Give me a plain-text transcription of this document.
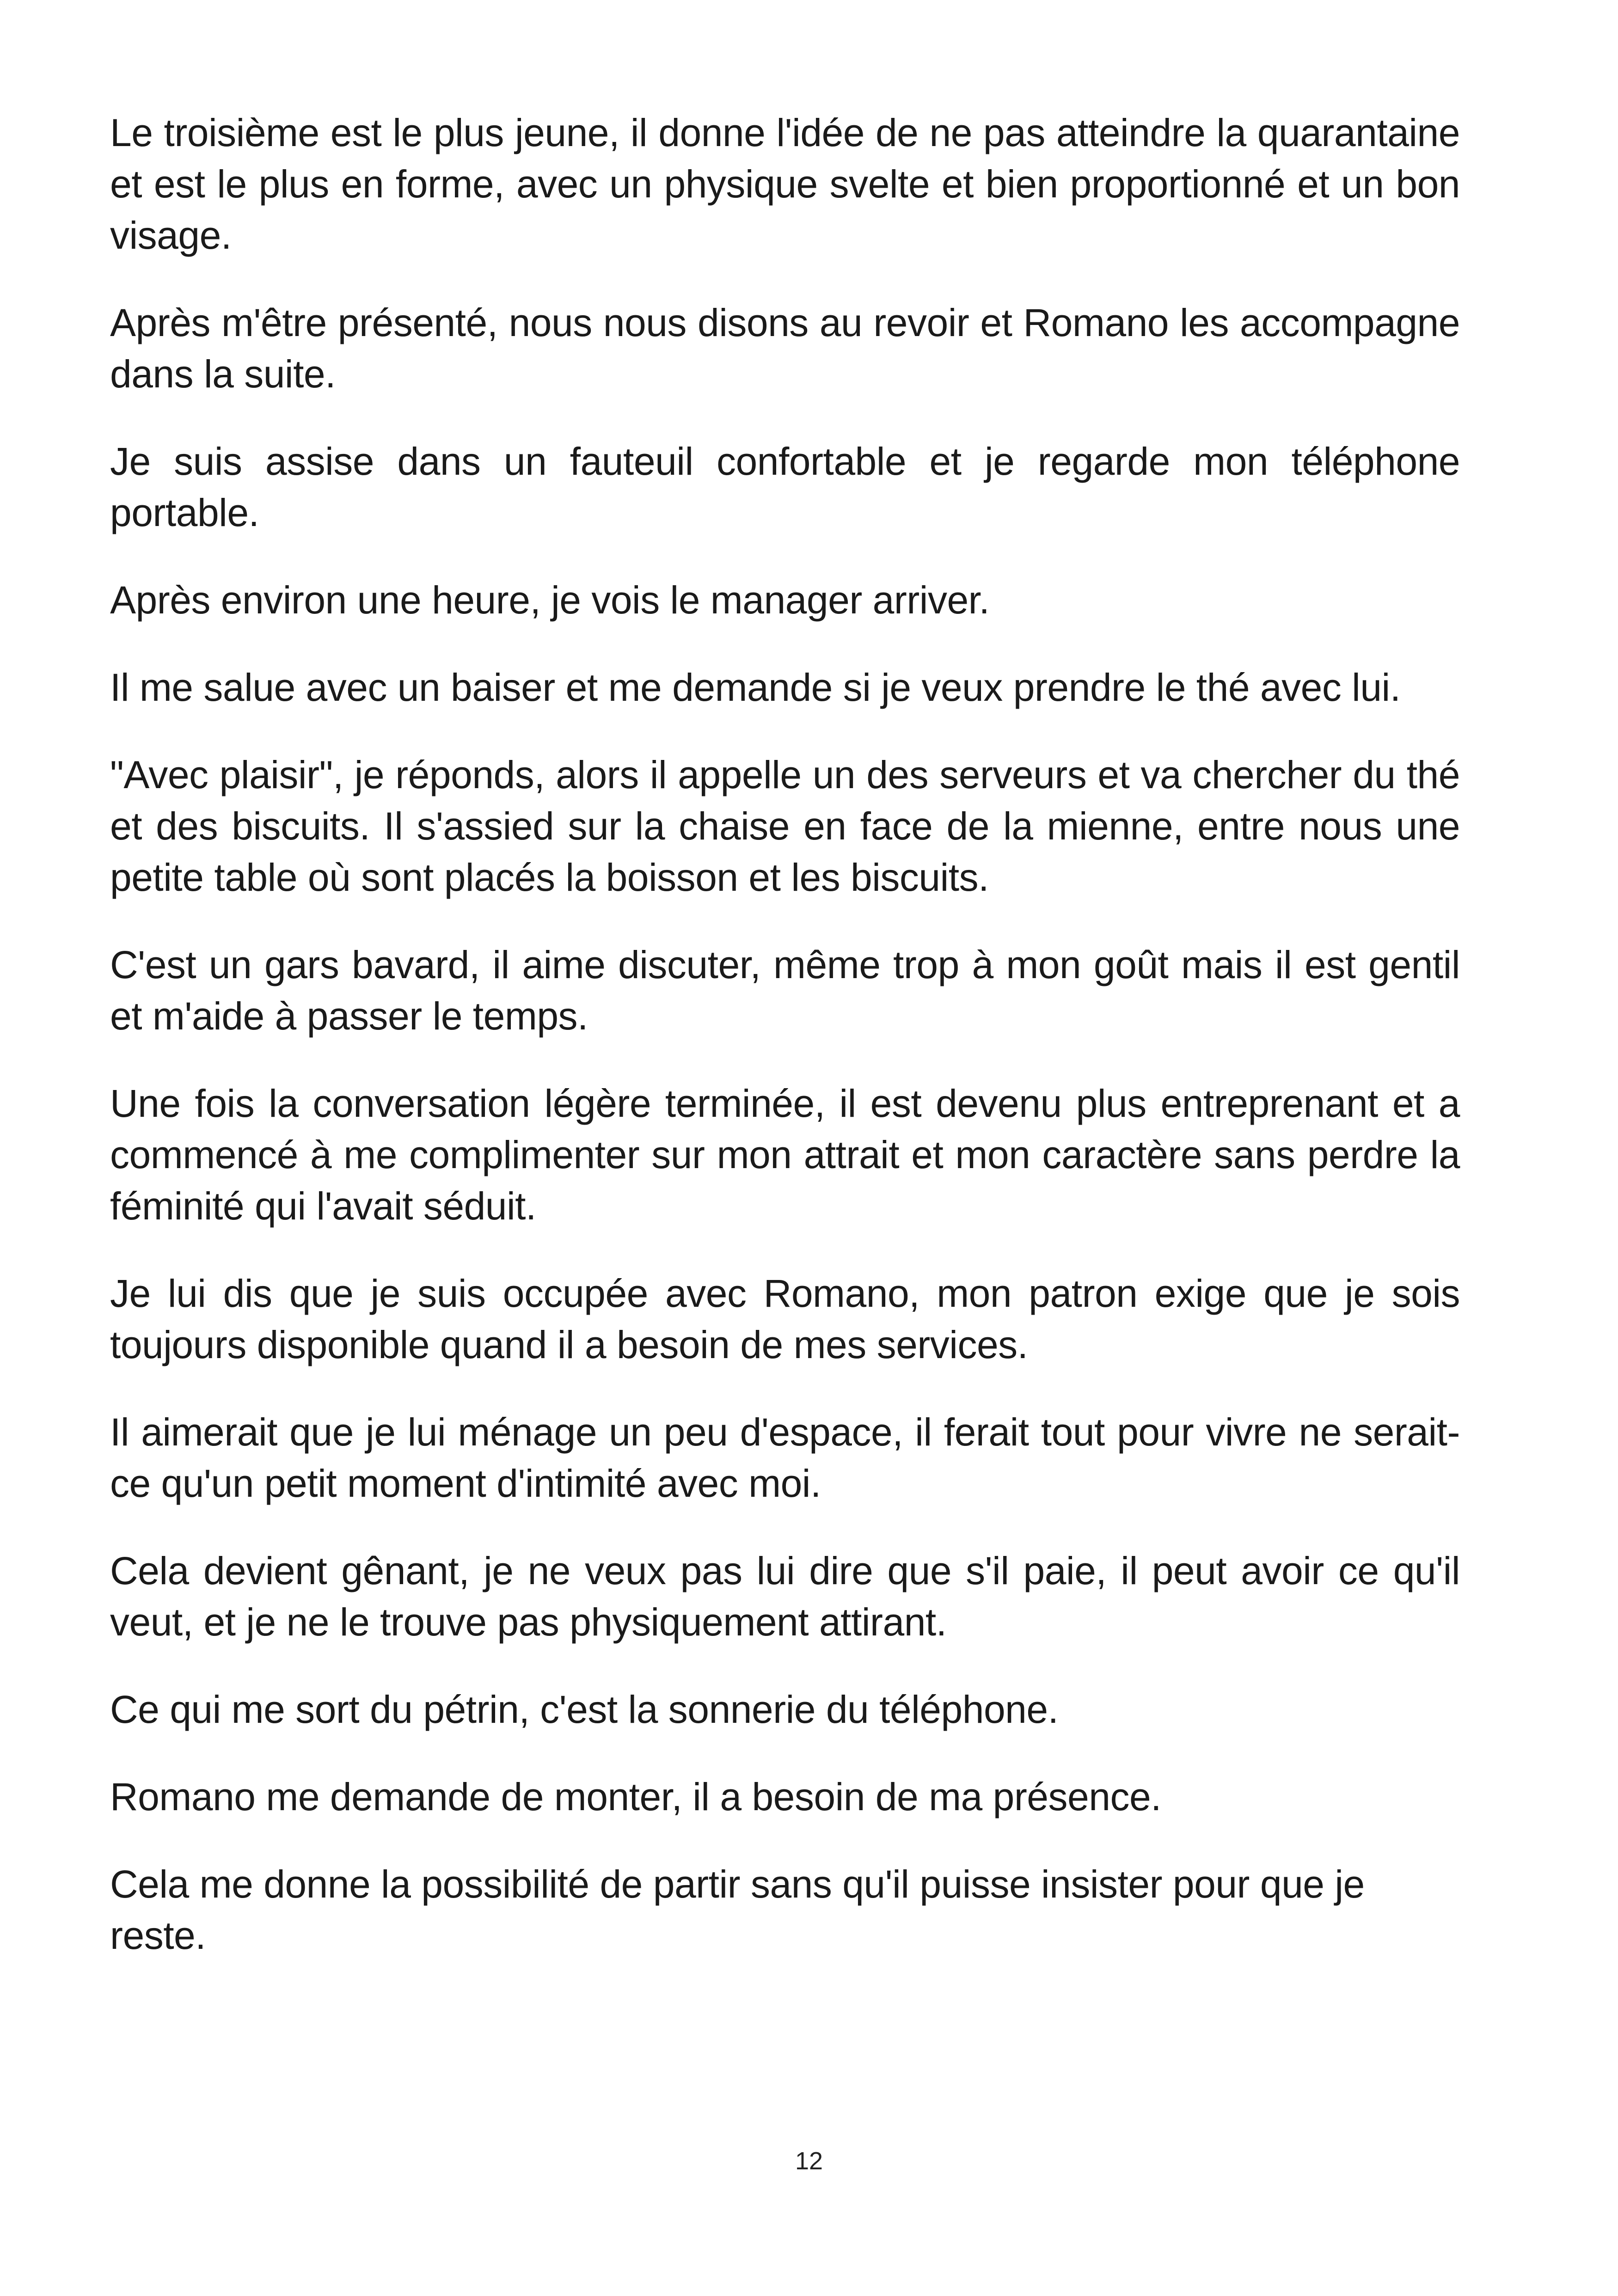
Le troisième est le plus jeune, il donne l'idée de ne pas atteindre la quarantaine et est le plus en forme, avec un physique svelte et bien proportionné et un bon visage.

Après m'être présenté, nous nous disons au revoir et Romano les accompagne dans la suite.

Je suis assise dans un fauteuil confortable et je regarde mon téléphone portable.

Après environ une heure, je vois le manager arriver.

Il me salue avec un baiser et me demande si je veux prendre le thé avec lui.

"Avec plaisir", je réponds, alors il appelle un des serveurs et va chercher du thé et des biscuits. Il s'assied sur la chaise en face de la mienne, entre nous une petite table où sont placés la boisson et les biscuits.

C'est un gars bavard, il aime discuter, même trop à mon goût mais il est gentil et m'aide à passer le temps.

Une fois la conversation légère terminée, il est devenu plus entreprenant et a commencé à me complimenter sur mon attrait et mon caractère sans perdre la féminité qui l'avait séduit.

Je lui dis que je suis occupée avec Romano, mon patron exige que je sois toujours disponible quand il a besoin de mes services.

Il aimerait que je lui ménage un peu d'espace, il ferait tout pour vivre ne serait-ce qu'un petit moment d'intimité avec moi.

Cela devient gênant, je ne veux pas lui dire que s'il paie, il peut avoir ce qu'il veut, et je ne le trouve pas physiquement attirant.

Ce qui me sort du pétrin, c'est la sonnerie du téléphone.

Romano me demande de monter, il a besoin de ma présence.

Cela me donne la possibilité de partir sans qu'il puisse insister pour que je reste.

12
